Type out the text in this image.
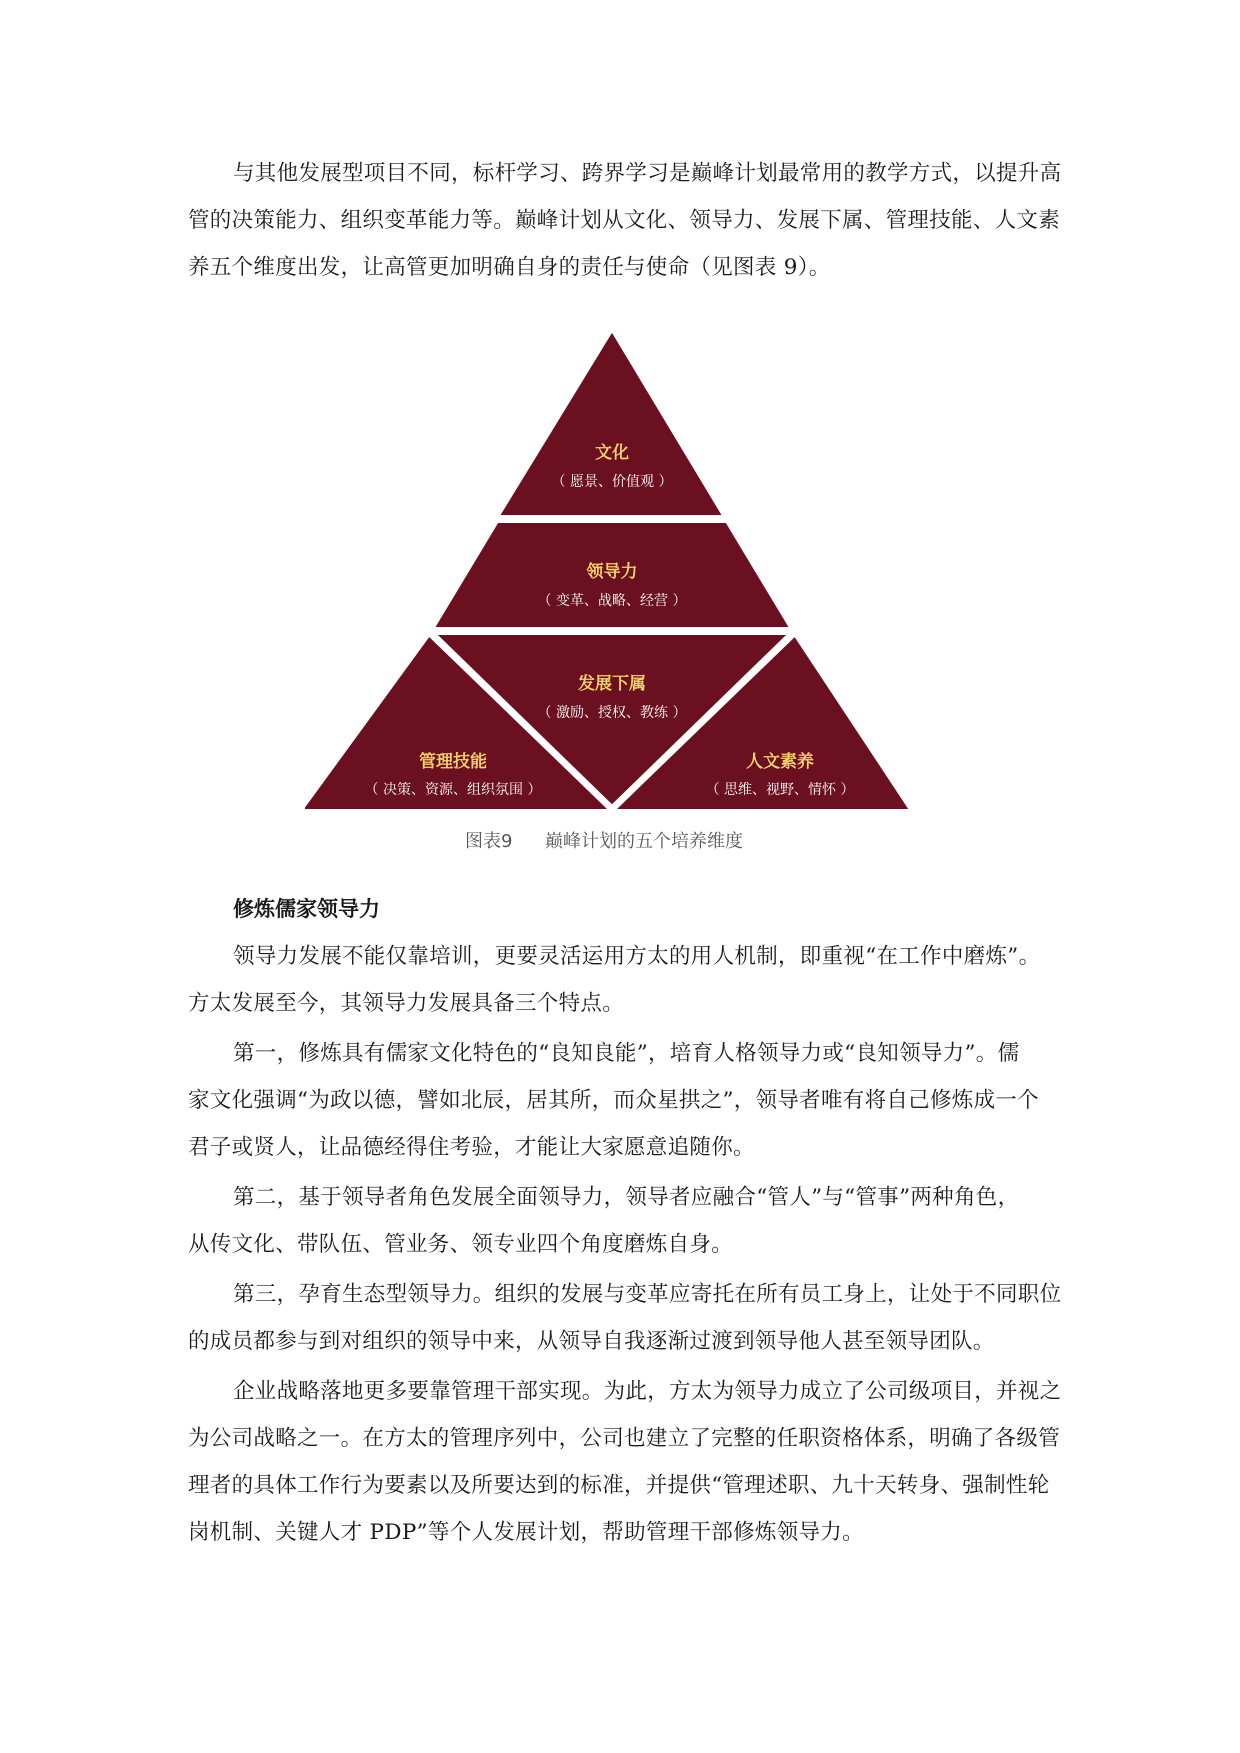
与其他发展型项目不同，标杆学习、跨界学习是巅峰计划最常用的教学方式，以提升高
管的决策能力、组织变革能力等。巅峰计划从文化、领导力、发展下属、管理技能、人文素
养五个维度出发，让高管更加明确自身的责任与使命（见图表 9）。

文化
（ 愿景、价值观 ）
领导力
（ 变革、战略、经营 ）
发展下属
（ 激励、授权、教练 ）
管理技能
（ 决策、资源、组织氛围 ）
人文素养
（ 思维、视野、情怀 ）
图表9 巅峰计划的五个培养维度
修炼儒家领导力

领导力发展不能仅靠培训，更要灵活运用方太的用人机制，即重视“在工作中磨炼”。
方太发展至今，其领导力发展具备三个特点。

第一，修炼具有儒家文化特色的“良知良能”，培育人格领导力或“良知领导力”。儒
家文化强调“为政以德，譬如北辰，居其所，而众星拱之”，领导者唯有将自己修炼成一个
君子或贤人，让品德经得住考验，才能让大家愿意追随你。

第二，基于领导者角色发展全面领导力，领导者应融合“管人”与“管事”两种角色，
从传文化、带队伍、管业务、领专业四个角度磨炼自身。

第三，孕育生态型领导力。组织的发展与变革应寄托在所有员工身上，让处于不同职位
的成员都参与到对组织的领导中来，从领导自我逐渐过渡到领导他人甚至领导团队。

企业战略落地更多要靠管理干部实现。为此，方太为领导力成立了公司级项目，并视之
为公司战略之一。在方太的管理序列中，公司也建立了完整的任职资格体系，明确了各级管
理者的具体工作行为要素以及所要达到的标准，并提供“管理述职、九十天转身、强制性轮
岗机制、关键人才 PDP”等个人发展计划，帮助管理干部修炼领导力。
